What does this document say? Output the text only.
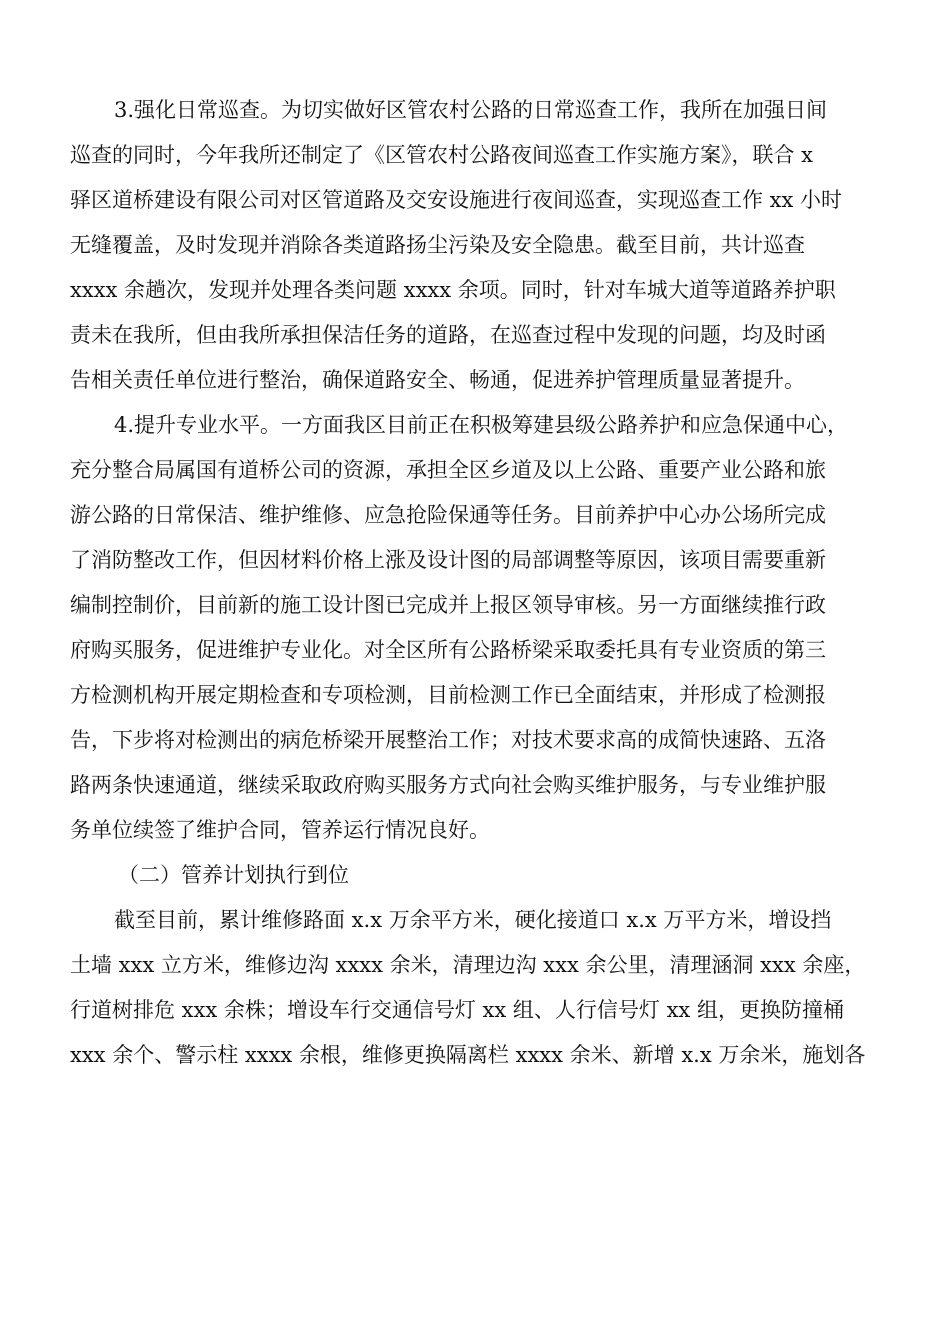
3.强化日常巡查。为切实做好区管农村公路的日常巡查工作，我所在加强日间
巡查的同时，今年我所还制定了《区管农村公路夜间巡查工作实施方案》，联合 x
驿区道桥建设有限公司对区管道路及交安设施进行夜间巡查，实现巡查工作 xx 小时
无缝覆盖，及时发现并消除各类道路扬尘污染及安全隐患。截至目前，共计巡查
xxxx 余趟次，发现并处理各类问题 xxxx 余项。同时，针对车城大道等道路养护职
责未在我所，但由我所承担保洁任务的道路，在巡查过程中发现的问题，均及时函
告相关责任单位进行整治，确保道路安全、畅通，促进养护管理质量显著提升。
4.提升专业水平。一方面我区目前正在积极筹建县级公路养护和应急保通中心，
充分整合局属国有道桥公司的资源，承担全区乡道及以上公路、重要产业公路和旅
游公路的日常保洁、维护维修、应急抢险保通等任务。目前养护中心办公场所完成
了消防整改工作，但因材料价格上涨及设计图的局部调整等原因，该项目需要重新
编制控制价，目前新的施工设计图已完成并上报区领导审核。另一方面继续推行政
府购买服务，促进维护专业化。对全区所有公路桥梁采取委托具有专业资质的第三
方检测机构开展定期检查和专项检测，目前检测工作已全面结束，并形成了检测报
告，下步将对检测出的病危桥梁开展整治工作；对技术要求高的成简快速路、五洛
路两条快速通道，继续采取政府购买服务方式向社会购买维护服务，与专业维护服
务单位续签了维护合同，管养运行情况良好。
（二）管养计划执行到位
截至目前，累计维修路面 x.x 万余平方米，硬化接道口 x.x 万平方米，增设挡
土墙 xxx 立方米，维修边沟 xxxx 余米，清理边沟 xxx 余公里，清理涵洞 xxx 余座，
行道树排危 xxx 余株；增设车行交通信号灯 xx 组、人行信号灯 xx 组，更换防撞桶
xxx 余个、警示柱 xxxx 余根，维修更换隔离栏 xxxx 余米、新增 x.x 万余米，施划各
